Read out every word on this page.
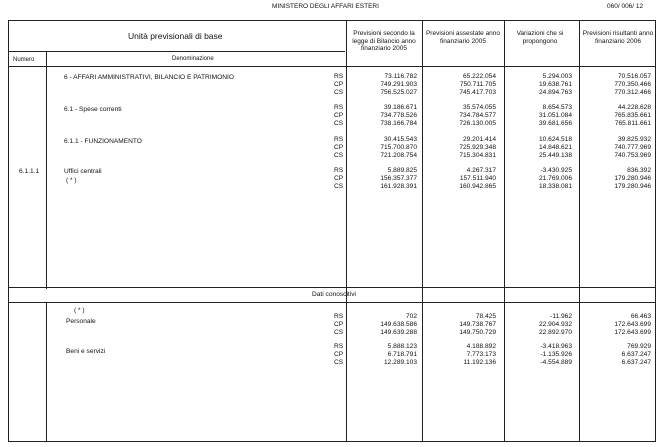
MINISTERO DEGLI AFFARI ESTERI	060/ 006/ 12
Unità previsionali di base
Numero	Denominazione
Previsioni secondo la legge di Bilancio anno finanziario 2005
Previsioni assestate anno finanziario 2005
Variazioni che si propongono
Previsioni risultanti anno finanziario 2006
6 - AFFARI AMMINISTRATIVI, BILANCIO E PATRIMONIO	RS	73.116.782	65.222.054	5.294.003	70.516.057
CP	749.291.903	750.711.705	19.638.761	770.350.466
CS	756.525.027	745.417.703	24.894.763	770.312.466
6.1 - Spese correnti	RS	39.186.671	35.574.055	8.654.573	44.228.628
CP	734.778.526	734.784.577	31.051.084	765.835.661
CS	738.166.784	726.130.005	39.681.656	765.811.661
6.1.1 - FUNZIONAMENTO	RS	30.415.543	29.201.414	10.624.518	39.825.932
CP	715.700.870	725.929.348	14.848.621	740.777.969
CS	721.208.754	715.304.831	25.449.138	740.753.969
6.1.1.1	Uffici centrali
( * )
RS	5.889.825	4.267.317	-3.430.925	836.392
CP	156.357.377	157.511.940	21.769.006	179.280.946
CS	161.928.391	160.942.865	18.338.081	179.280.946
Dati conoscitivi
( * )
Personale
RS	702	78.425	-11.962	66.463
CP	149.638.586	149.738.767	22.904.932	172.643.699
CS	149.639.288	149.750.729	22.892.970	172.643.699
Beni e servizi
RS	5.888.123	4.188.892	-3.418.963	769.929
CP	6.718.791	7.773.173	-1.135.926	6.637.247
CS	12.289.103	11.192.136	-4.554.889	6.637.247
